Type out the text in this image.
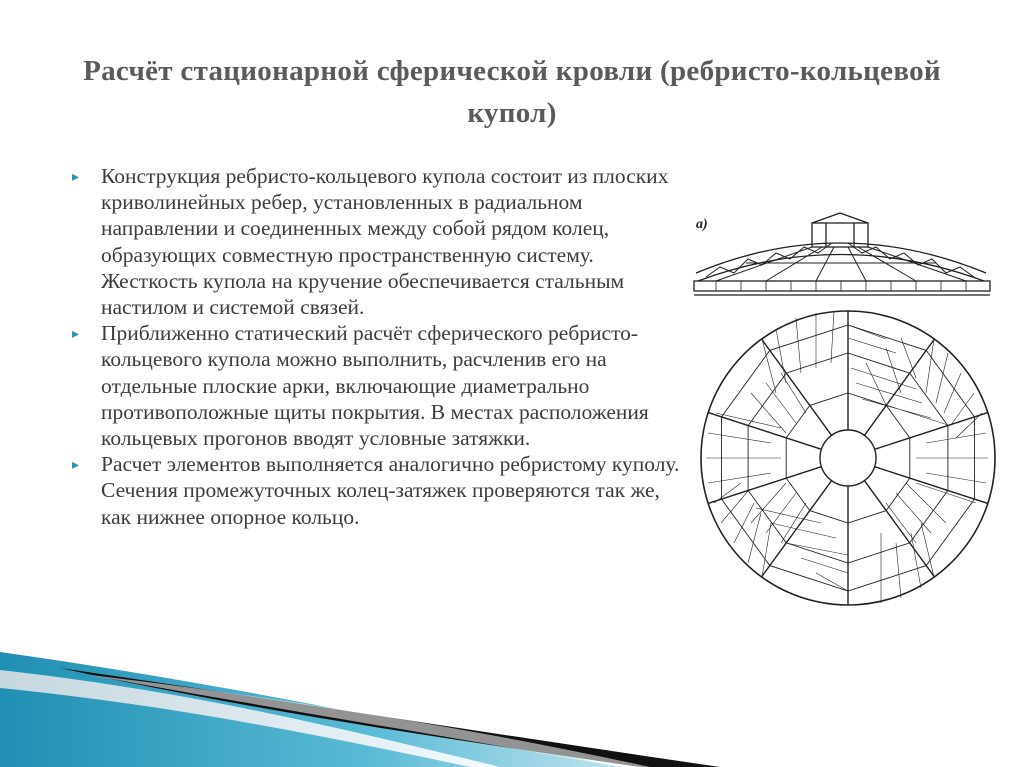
Расчёт стационарной сферической кровли (ребристо-кольцевой купол)
▸ Конструкция ребристо-кольцевого купола состоит из плоских криволинейных ребер, установленных в радиальном направлении и соединенных между собой рядом колец, образующих совместную пространственную систему. Жесткость купола на кручение обеспечивается стальным настилом и системой связей.
▸ Приближенно статический расчёт сферического ребристо-кольцевого купола можно выполнить, расчленив его на отдельные плоские арки, включающие диаметрально противоположные щиты покрытия. В местах расположения кольцевых прогонов вводят условные затяжки.
▸ Расчет элементов выполняется аналогично ребристому куполу. Сечения промежуточных колец-затяжек проверяются так же, как нижнее опорное кольцо.
а)
